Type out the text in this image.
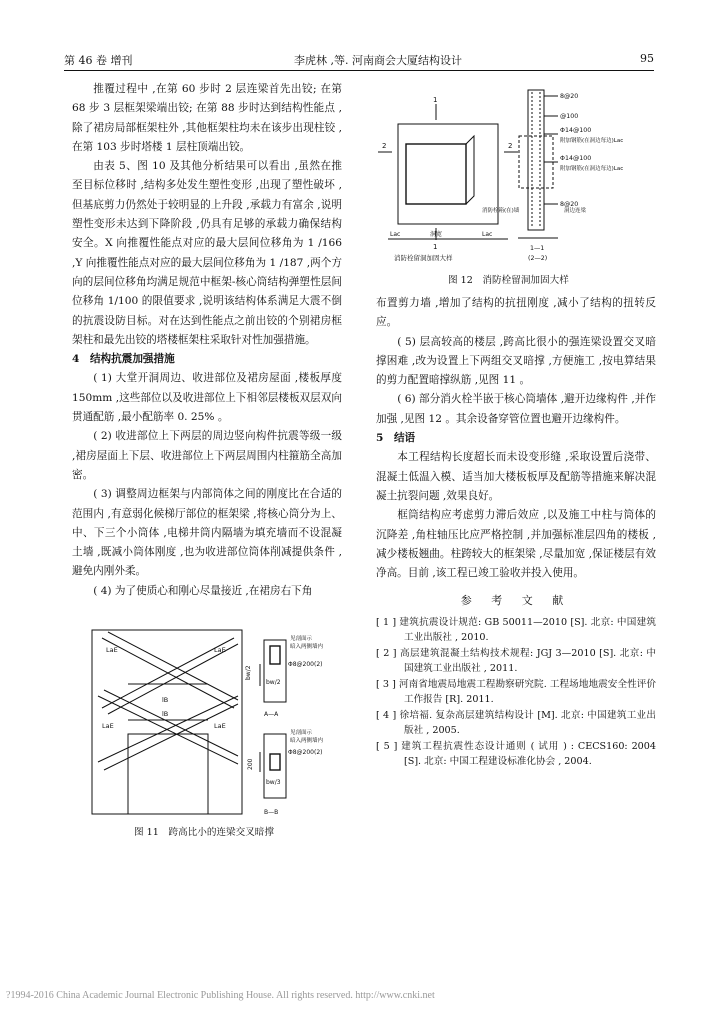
第 46 卷 增刊	李虎林 ,等. 河南商会大厦结构设计	95

推覆过程中 ,在第 60 步时 2 层连梁首先出铰; 在第 68 步 3 层框架梁端出铰; 在第 88 步时达到结构性能点 ,除了裙房局部框架柱外 ,其他框架柱均未在该步出现柱铰 ,在第 103 步时塔楼 1 层柱顶端出铰。

由表 5、图 10 及其他分析结果可以看出 ,虽然在推至目标位移时 ,结构多处发生塑性变形 ,出现了塑性破坏 ,但基底剪力仍然处于较明显的上升段 ,承载力有富余 ,说明塑性变形未达到下降阶段 ,仍具有足够的承载力确保结构安全。X 向推覆性能点对应的最大层间位移角为 1 /166 ,Y 向推覆性能点对应的最大层间位移角为 1 /187 ,两个方向的层间位移角均满足规范中框架-核心筒结构弹塑性层间位移角 1/100 的限值要求 ,说明该结构体系满足大震不倒的抗震设防目标。对在达到性能点之前出铰的个别裙房框架柱和最先出铰的塔楼框架柱采取针对性加强措施。

4　结构抗震加强措施

( 1) 大堂开洞周边、收进部位及裙房屋面 ,楼板厚度 150mm ,这些部位以及收进部位上下相邻层楼板双层双向贯通配筋 ,最小配筋率 0. 25% 。

( 2) 收进部位上下两层的周边竖向构件抗震等级一级 ,裙房屋面上下层、收进部位上下两层周围内柱箍筋全高加密。

( 3) 调整周边框架与内部筒体之间的刚度比在合适的范围内 ,有意弱化候梯厅部位的框架梁 ,将核心筒分为上、中、下三个小筒体 ,电梯井筒内隔墙为填充墙而不设混凝土墙 ,既减小筒体刚度 ,也为收进部位筒体削减提供条件 ,避免内刚外柔。

( 4) 为了使质心和刚心尽量接近 ,在裙房右下角

2	2
1
1
Lac	洞宽	Lac
消防栓留洞加固大样
8@20
@100
Φ14@100
附加钢筋(在洞边每边)Lac
Φ14@100
附加钢筋(在洞边每边)Lac
8@20
消防栓箱(在)墙	洞边连梁
1—1
(2—2)
图 12　消防栓留洞加固大样

布置剪力墙 ,增加了结构的抗扭刚度 ,减小了结构的扭转反应。

( 5) 层高较高的楼层 ,跨高比很小的强连梁设置交叉暗撑困难 ,改为设置上下两组交叉暗撑 ,方便施工 ,按电算结果的剪力配置暗撑纵筋 ,见图 11 。

( 6) 部分消火栓半嵌于核心筒墙体 ,避开边缘构件 ,并作加强 ,见图 12 。其余设备穿管位置也避开边缘构件。

5　结语

本工程结构长度超长而未设变形缝 ,采取设置后浇带、混凝土低温入模、适当加大楼板板厚及配筋等措施来解决混凝土抗裂问题 ,效果良好。

框筒结构应考虑剪力滞后效应 ,以及施工中柱与筒体的沉降差 ,角柱轴压比应严格控制 ,并加强标准层四角的楼板 ,减少楼板翘曲。柱跨较大的框架梁 ,尽量加宽 ,保证楼层有效净高。目前 ,该工程已竣工验收并投入使用。

参 考 文 献

[ 1 ] 建筑抗震设计规范: GB 50011—2010 [S]. 北京: 中国建筑工业出版社 , 2010.

[ 2 ] 高层建筑混凝土结构技术规程: JGJ 3—2010 [S]. 北京: 中国建筑工业出版社 , 2011.

[ 3 ] 河南省地震局地震工程勘察研究院. 工程场地地震安全性评价工作报告 [R]. 2011.

[ 4 ] 徐培福. 复杂高层建筑结构设计 [M]. 北京: 中国建筑工业出版社 , 2005.

[ 5 ] 建筑工程抗震性态设计通则 ( 试用 ) : CECS160: 2004 [S]. 北京: 中国工程建设标准化协会 , 2004.

LaE	LaE
lB
lB
LaE	LaE
见剖面示
暗入两侧墙内
Φ8@200(2)
bw/2
bw/2
A—A
见剖面示
暗入两侧墙内
Φ8@200(2)
200
bw/3
B—B
图 11　跨高比小的连梁交叉暗撑
?1994-2016 China Academic Journal Electronic Publishing House. All rights reserved. http://www.cnki.net
